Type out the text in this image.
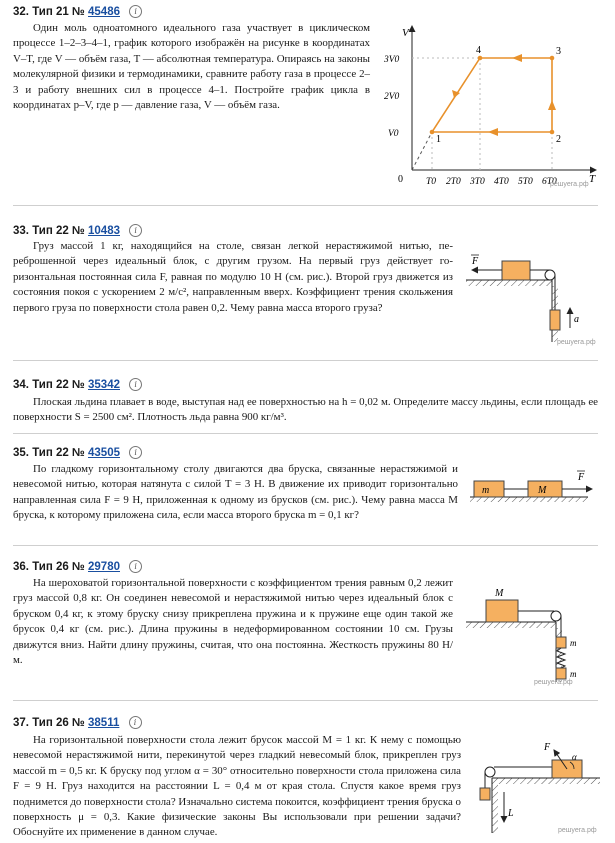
32. Тип 21 № 45486 i
Один моль одноатомного идеального газа участвует в циклическом процессе 1–2–3–4–1, график которого изображён на рисунке в координатах V–T, где V — объём газа, T — абсолютная температура. Опираясь на законы молекулярной физики и термодинамики, сравните работу газа в процессе 2–3 и работу внешних сил в процессе 4–1. Постройте график цикла в координатах p–V, где p — давление газа, V — объём газа.
V
T
0
1	2
3
4
V0
2V0
3V0
T0 2T0 3T0 4T0 5T0 6T0
решуега.рф
33. Тип 22 № 10483 i
Груз массой 1 кг, находящийся на столе, связан легкой нерастяжимой нитью, переброшенной через идеальный блок, с другим грузом. На первый груз действует горизонтальная постоянная сила F, равная по модулю 10 Н (см. рис.). Второй груз движется из состояния покоя с ускорением 2 м/с², направленным вверх. Коэффициент трения скольжения первого груза по поверхности стола равен 0,2. Чему равна масса второго груза?
F
a
решуега.рф
34. Тип 22 № 35342 i
Плоская льдина плавает в воде, выступая над ее поверхностью на h = 0,02 м. Определите массу льдины, если площадь ее поверхности S = 2500 см². Плотность льда равна 900 кг/м³.
35. Тип 22 № 43505 i
По гладкому горизонтальному столу двигаются два бруска, связанные нерастяжимой и невесомой нитью, которая натянута с силой T = 3 Н. В движение их приводит горизонтально направленная сила F = 9 Н, приложенная к одному из брусков (см. рис.). Чему равна масса M бруска, к которому приложена сила, если масса второго бруска m = 0,1 кг?
m	M
F
36. Тип 26 № 29780 i
На шероховатой горизонтальной поверхности с коэффициентом трения равным 0,2 лежит груз массой 0,8 кг. Он соединен невесомой и нерастяжимой нитью через идеальный блок с бруском 0,4 кг, к этому бруску снизу прикреплена пружина и к пружине еще один такой же брусок 0,4 кг (см. рис.). Длина пружины в недеформированном состоянии 10 см. Грузы движутся вниз. Найти длину пружины, считая, что она постоянна. Жесткость пружины 80 Н/м.
M
m
m
решуега.рф
37. Тип 26 № 38511 i
На горизонтальной поверхности стола лежит брусок массой M = 1 кг. К нему с помощью невесомой нерастяжимой нити, перекинутой через гладкий невесомый блок, прикреплен груз массой m = 0,5 кг. К бруску под углом α = 30° относительно поверхности стола приложена сила F = 9 Н. Груз находится на расстоянии L = 0,4 м от края стола. Спустя какое время груз поднимется до поверхности стола? Изначально система покоится, коэффициент трения бруска о поверхность μ = 0,3. Какие физические законы Вы использовали при решении задачи? Обоснуйте их применение в данном случае.
L
F
α
решуега.рф
